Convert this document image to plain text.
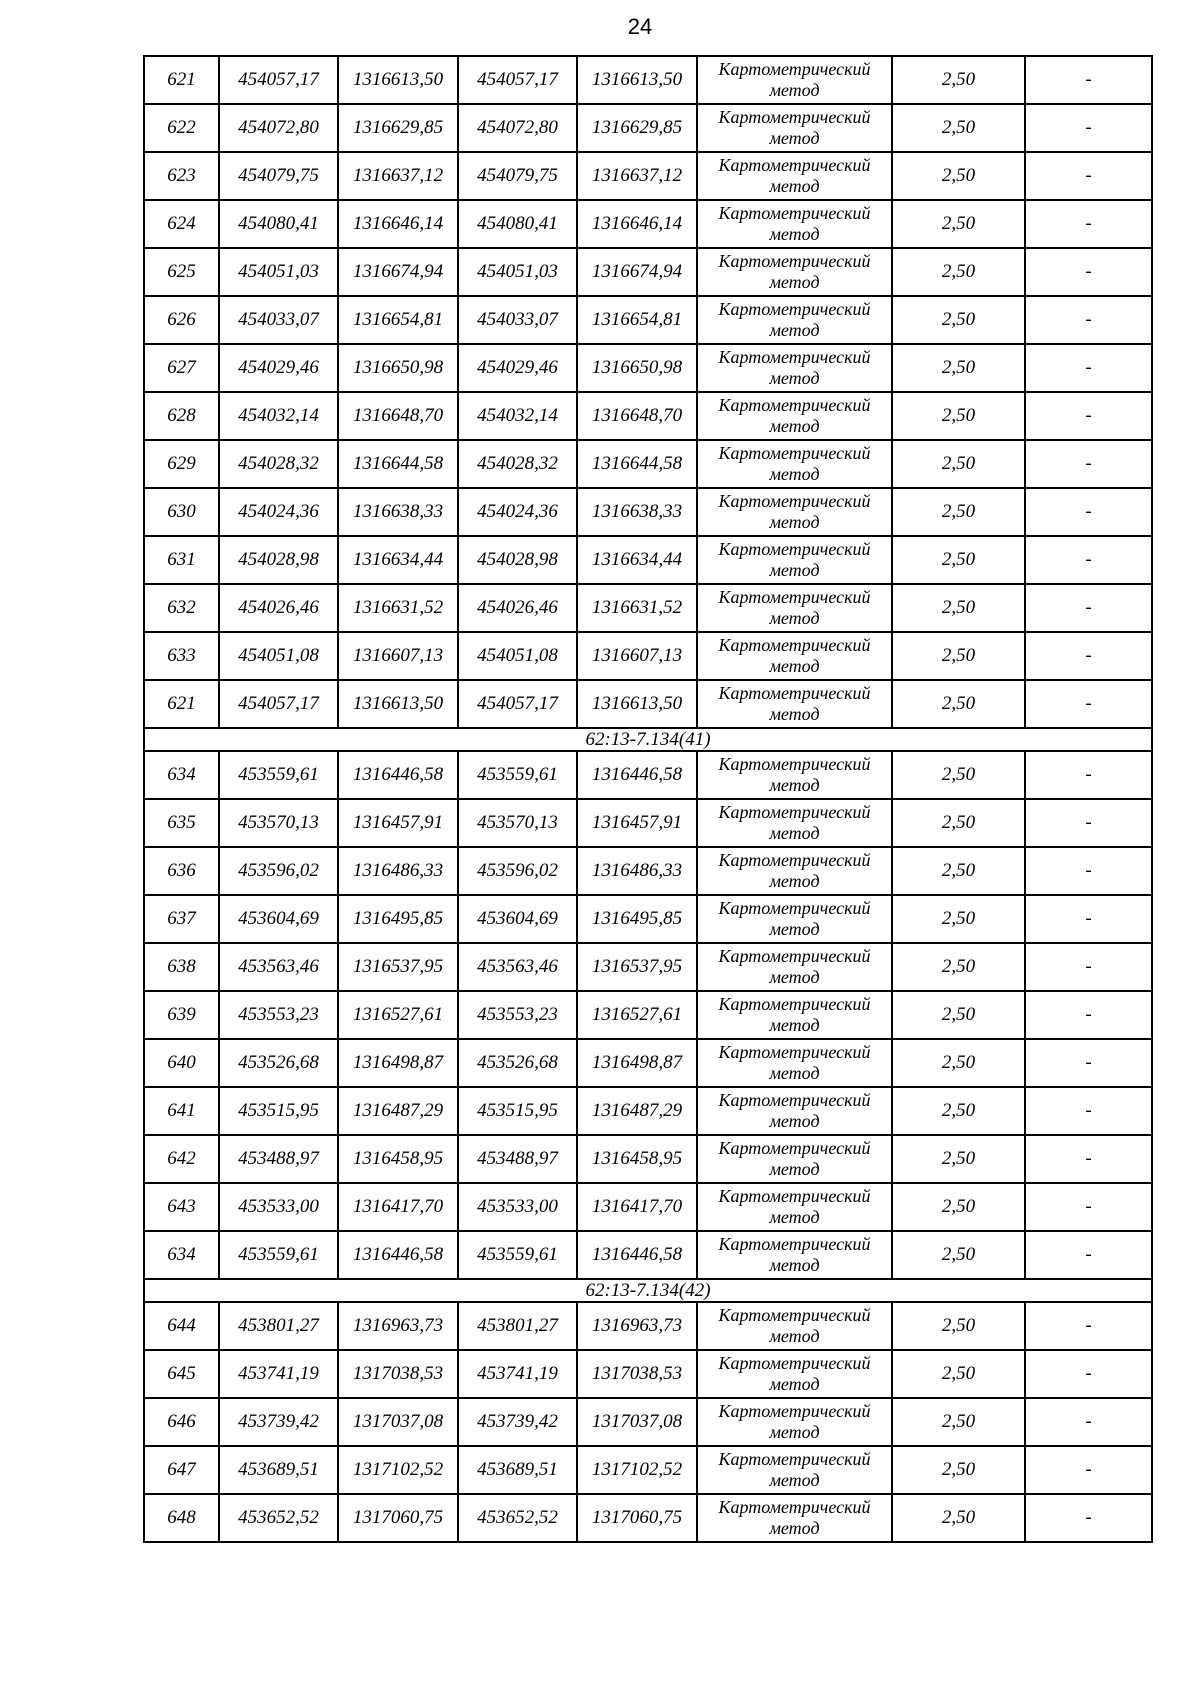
24
621	454057,17	1316613,50	454057,17	1316613,50	Картометрический метод	2,50	-
622	454072,80	1316629,85	454072,80	1316629,85	Картометрический метод	2,50	-
623	454079,75	1316637,12	454079,75	1316637,12	Картометрический метод	2,50	-
624	454080,41	1316646,14	454080,41	1316646,14	Картометрический метод	2,50	-
625	454051,03	1316674,94	454051,03	1316674,94	Картометрический метод	2,50	-
626	454033,07	1316654,81	454033,07	1316654,81	Картометрический метод	2,50	-
627	454029,46	1316650,98	454029,46	1316650,98	Картометрический метод	2,50	-
628	454032,14	1316648,70	454032,14	1316648,70	Картометрический метод	2,50	-
629	454028,32	1316644,58	454028,32	1316644,58	Картометрический метод	2,50	-
630	454024,36	1316638,33	454024,36	1316638,33	Картометрический метод	2,50	-
631	454028,98	1316634,44	454028,98	1316634,44	Картометрический метод	2,50	-
632	454026,46	1316631,52	454026,46	1316631,52	Картометрический метод	2,50	-
633	454051,08	1316607,13	454051,08	1316607,13	Картометрический метод	2,50	-
621	454057,17	1316613,50	454057,17	1316613,50	Картометрический метод	2,50	-
62:13-7.134(41)							
634	453559,61	1316446,58	453559,61	1316446,58	Картометрический метод	2,50	-
635	453570,13	1316457,91	453570,13	1316457,91	Картометрический метод	2,50	-
636	453596,02	1316486,33	453596,02	1316486,33	Картометрический метод	2,50	-
637	453604,69	1316495,85	453604,69	1316495,85	Картометрический метод	2,50	-
638	453563,46	1316537,95	453563,46	1316537,95	Картометрический метод	2,50	-
639	453553,23	1316527,61	453553,23	1316527,61	Картометрический метод	2,50	-
640	453526,68	1316498,87	453526,68	1316498,87	Картометрический метод	2,50	-
641	453515,95	1316487,29	453515,95	1316487,29	Картометрический метод	2,50	-
642	453488,97	1316458,95	453488,97	1316458,95	Картометрический метод	2,50	-
643	453533,00	1316417,70	453533,00	1316417,70	Картометрический метод	2,50	-
634	453559,61	1316446,58	453559,61	1316446,58	Картометрический метод	2,50	-
62:13-7.134(42)							
644	453801,27	1316963,73	453801,27	1316963,73	Картометрический метод	2,50	-
645	453741,19	1317038,53	453741,19	1317038,53	Картометрический метод	2,50	-
646	453739,42	1317037,08	453739,42	1317037,08	Картометрический метод	2,50	-
647	453689,51	1317102,52	453689,51	1317102,52	Картометрический метод	2,50	-
648	453652,52	1317060,75	453652,52	1317060,75	Картометрический метод	2,50	-
